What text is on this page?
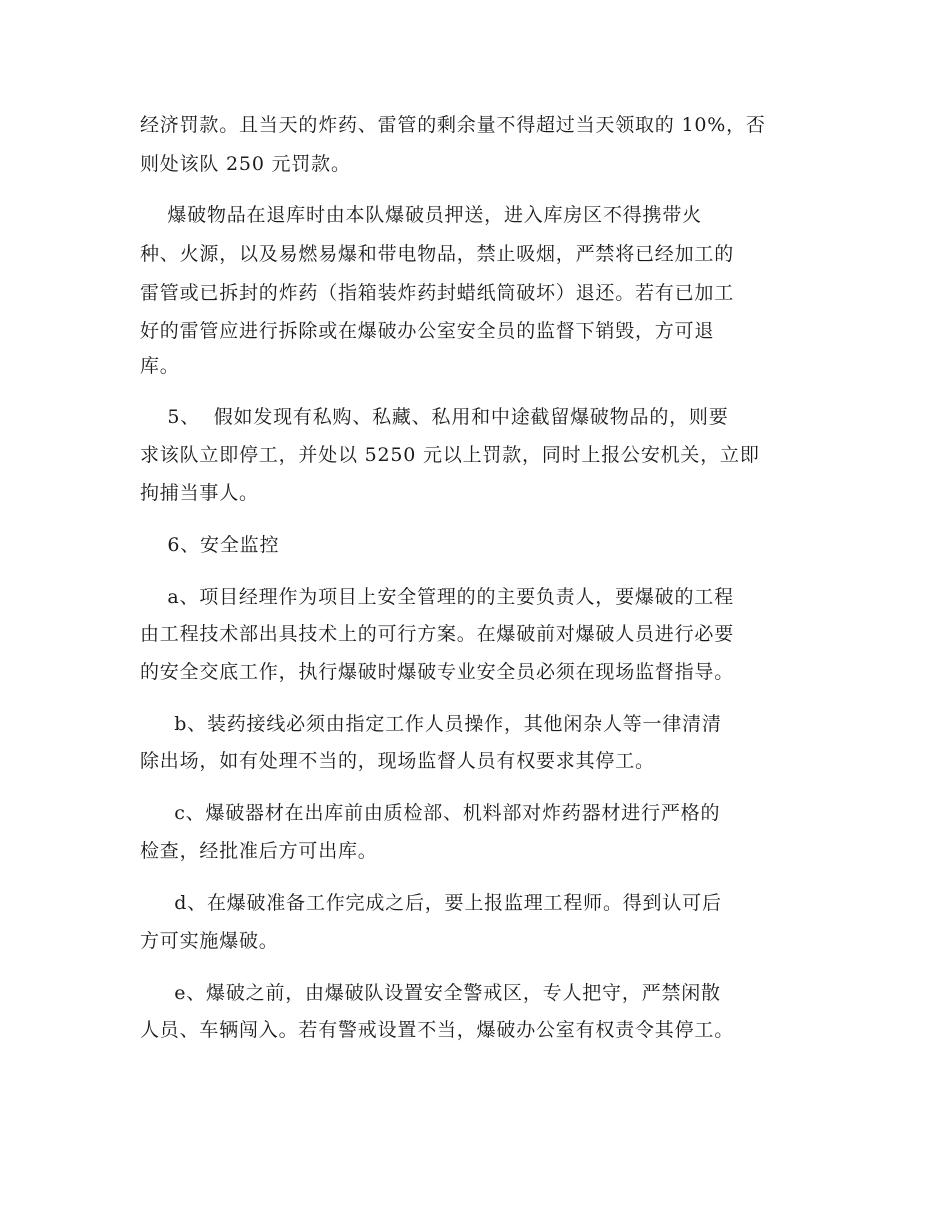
经济罚款。且当天的炸药、雷管的剩余量不得超过当天领取的 10%，否
则处该队 250 元罚款。
爆破物品在退库时由本队爆破员押送，进入库房区不得携带火
种、火源，以及易燃易爆和带电物品，禁止吸烟，严禁将已经加工的
雷管或已拆封的炸药（指箱装炸药封蜡纸筒破坏）退还。若有已加工
好的雷管应进行拆除或在爆破办公室安全员的监督下销毁，方可退
库。
5、  假如发现有私购、私藏、私用和中途截留爆破物品的，则要
求该队立即停工，并处以 5250 元以上罚款，同时上报公安机关，立即
拘捕当事人。
6、安全监控
a、项目经理作为项目上安全管理的的主要负责人，要爆破的工程
由工程技术部出具技术上的可行方案。在爆破前对爆破人员进行必要
的安全交底工作，执行爆破时爆破专业安全员必须在现场监督指导。
b、装药接线必须由指定工作人员操作，其他闲杂人等一律清清
除出场，如有处理不当的，现场监督人员有权要求其停工。
c、爆破器材在出库前由质检部、机料部对炸药器材进行严格的
检查，经批准后方可出库。
d、在爆破准备工作完成之后，要上报监理工程师。得到认可后
方可实施爆破。
e、爆破之前，由爆破队设置安全警戒区，专人把守，严禁闲散
人员、车辆闯入。若有警戒设置不当，爆破办公室有权责令其停工。
